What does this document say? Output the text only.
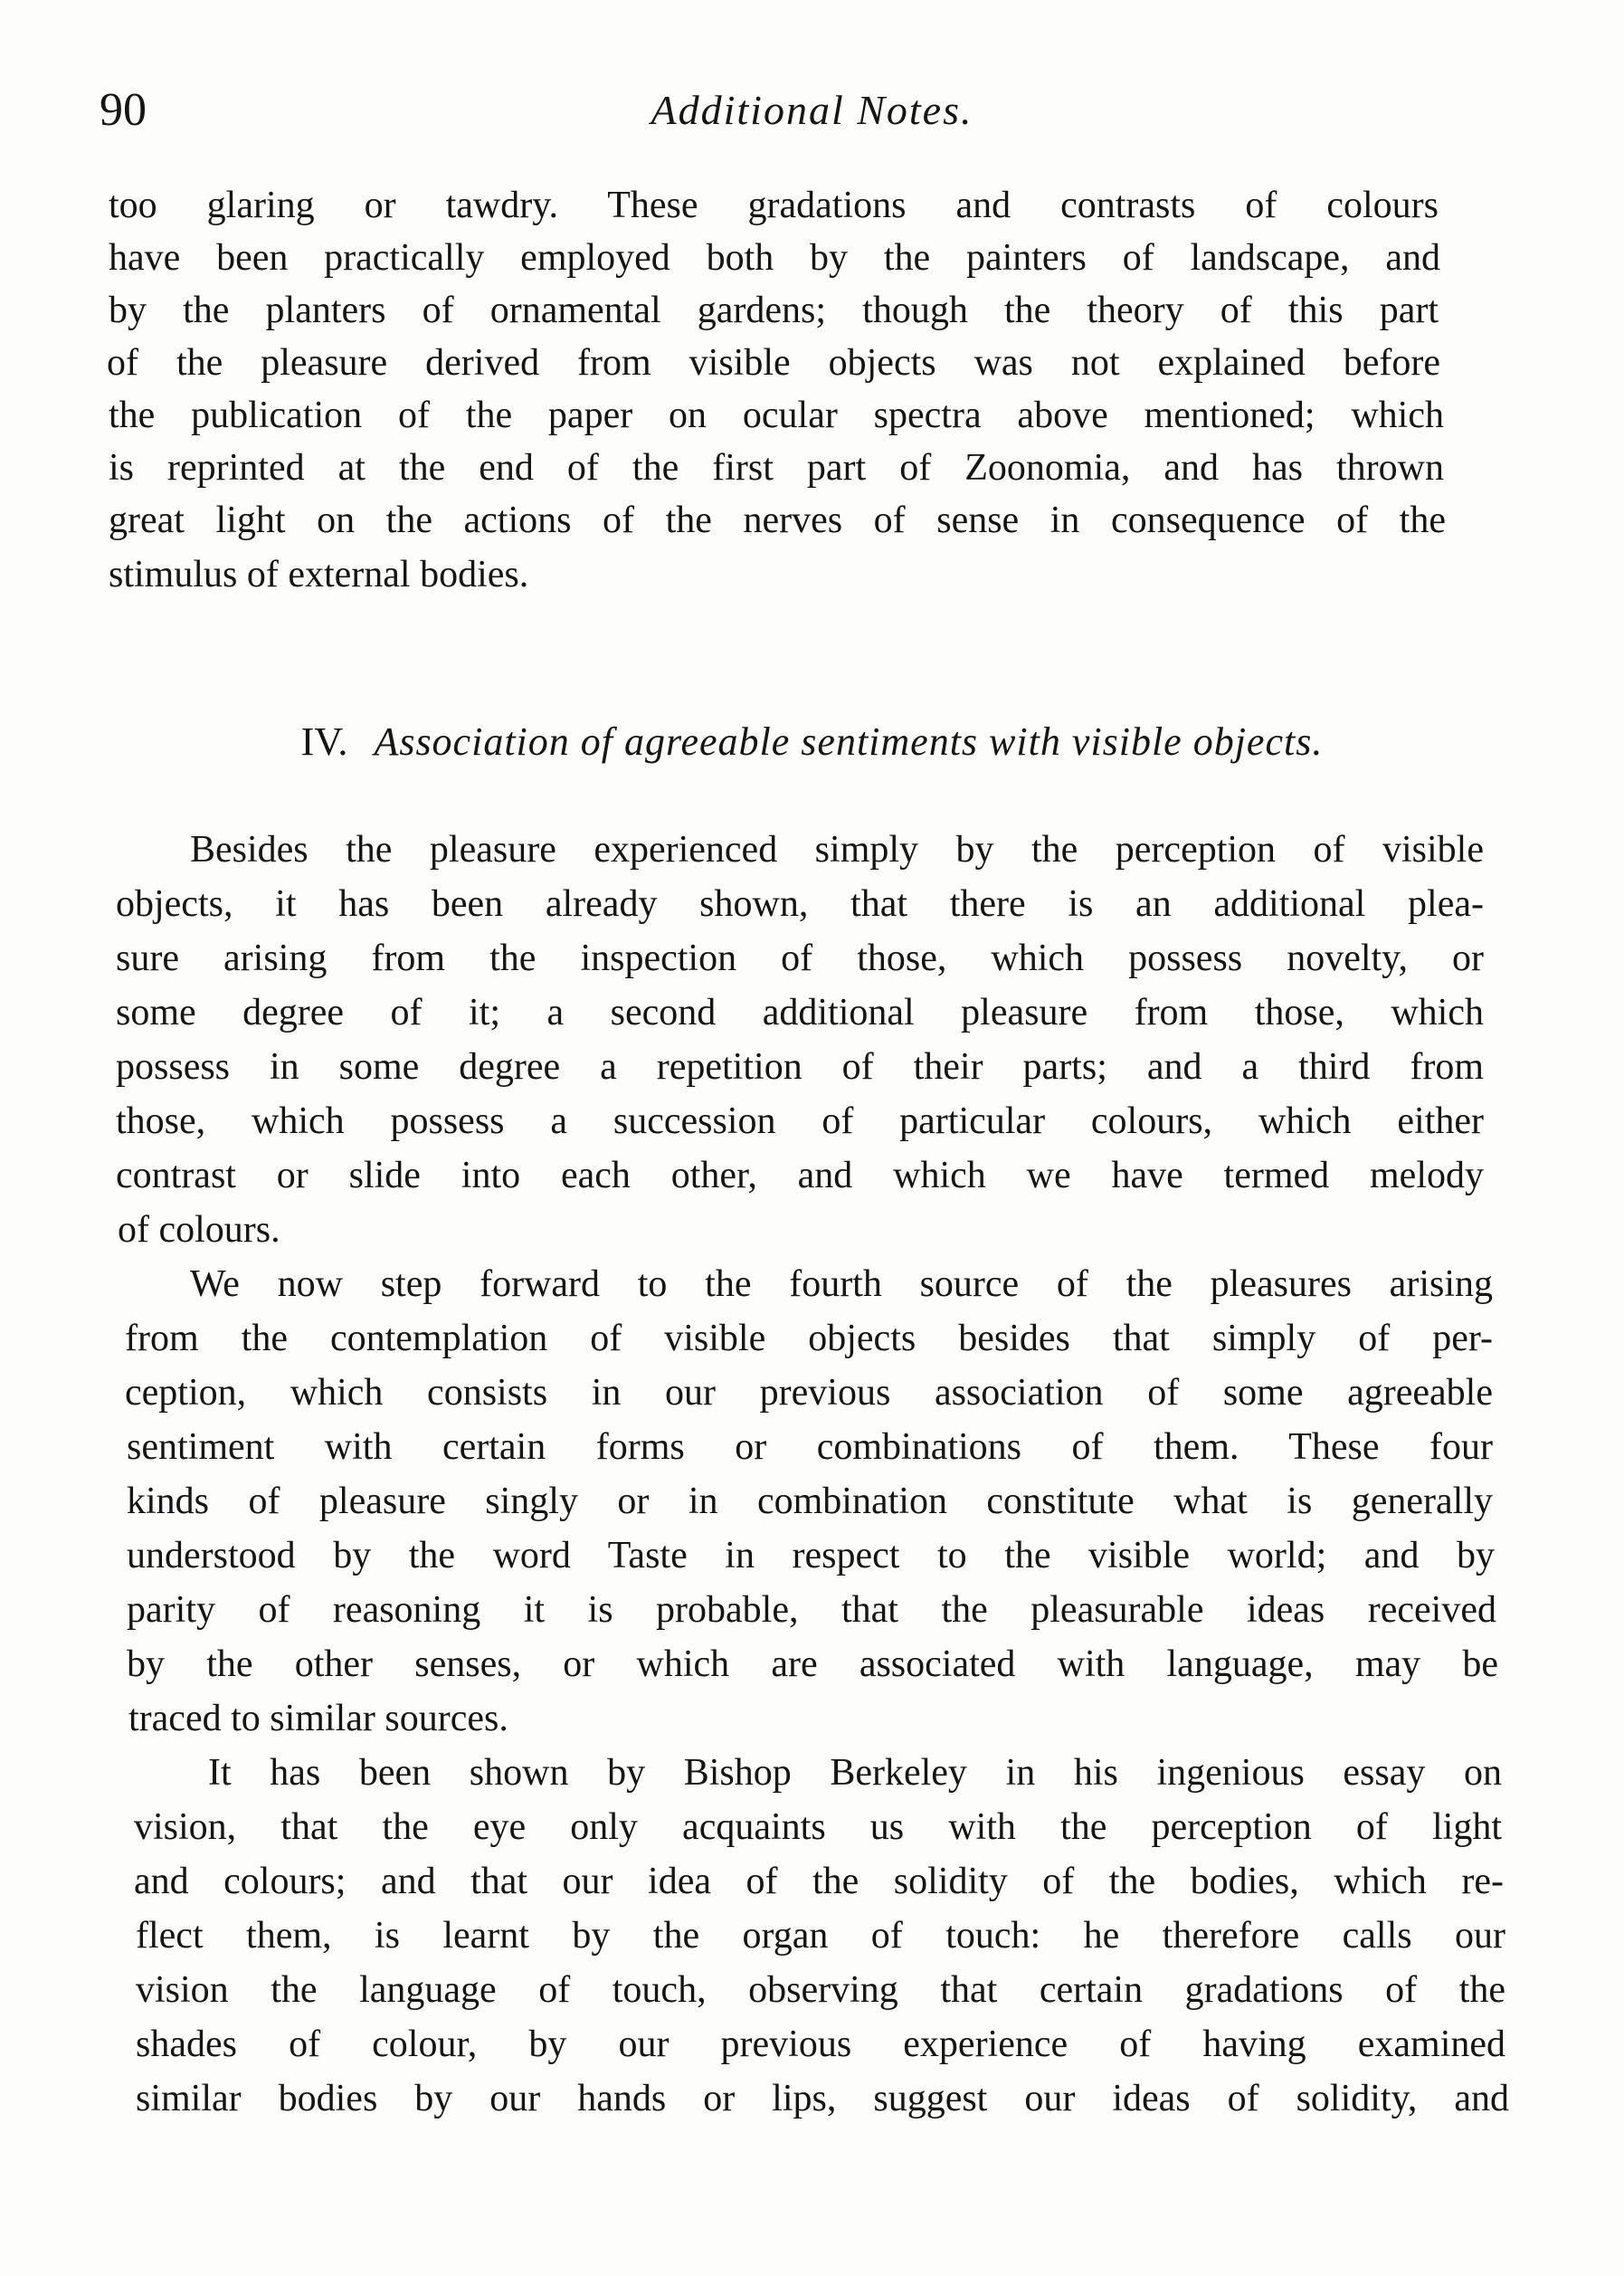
90	Additional Notes.
too glaring or tawdry. These gradations and contrasts of colours
have been practically employed both by the painters of landscape, and
by the planters of ornamental gardens; though the theory of this part
of the pleasure derived from visible objects was not explained before
the publication of the paper on ocular spectra above mentioned; which
is reprinted at the end of the first part of Zoonomia, and has thrown
great light on the actions of the nerves of sense in consequence of the
stimulus of external bodies.
IV. Association of agreeable sentiments with visible objects.
Besides the pleasure experienced simply by the perception of visible
objects, it has been already shown, that there is an additional plea-
sure arising from the inspection of those, which possess novelty, or
some degree of it; a second additional pleasure from those, which
possess in some degree a repetition of their parts; and a third from
those, which possess a succession of particular colours, which either
contrast or slide into each other, and which we have termed melody
of colours.
We now step forward to the fourth source of the pleasures arising
from the contemplation of visible objects besides that simply of per-
ception, which consists in our previous association of some agreeable
sentiment with certain forms or combinations of them. These four
kinds of pleasure singly or in combination constitute what is generally
understood by the word Taste in respect to the visible world; and by
parity of reasoning it is probable, that the pleasurable ideas received
by the other senses, or which are associated with language, may be
traced to similar sources.
It has been shown by Bishop Berkeley in his ingenious essay on
vision, that the eye only acquaints us with the perception of light
and colours; and that our idea of the solidity of the bodies, which re-
flect them, is learnt by the organ of touch: he therefore calls our
vision the language of touch, observing that certain gradations of the
shades of colour, by our previous experience of having examined
similar bodies by our hands or lips, suggest our ideas of solidity, and
